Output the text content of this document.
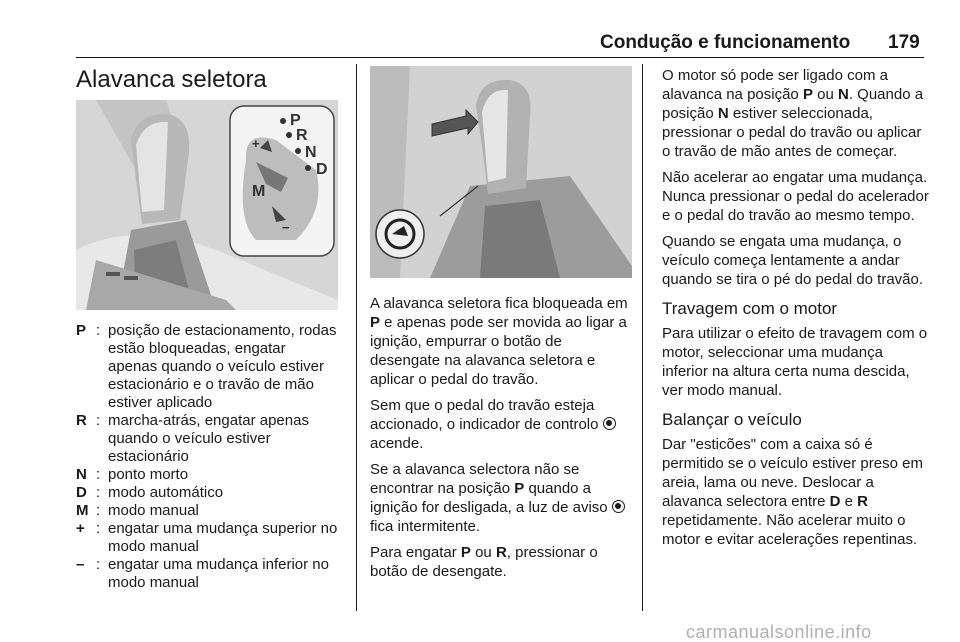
Condução e funcionamento 179
Alavanca seletora
P
R
N
D
M
+
−
P : posição de estacionamento, rodas estão bloqueadas, engatar apenas quando o veículo estiver estacionário e o travão de mão estiver aplicado
R : marcha-atrás, engatar apenas quando o veículo estiver estacionário
N : ponto morto
D : modo automático
M : modo manual
+ : engatar uma mudança superior no modo manual
– : engatar uma mudança inferior no modo manual

A alavanca seletora fica bloqueada em P e apenas pode ser movida ao ligar a ignição, empurrar o botão de desengate na alavanca seletora e aplicar o pedal do travão.

Sem que o pedal do travão esteja accionado, o indicador de controlo  acende.

Se a alavanca selectora não se encontrar na posição P quando a ignição for desligada, a luz de aviso  fica intermitente.

Para engatar P ou R, pressionar o botão de desengate.

O motor só pode ser ligado com a alavanca na posição P ou N. Quando a posição N estiver seleccionada, pressionar o pedal do travão ou aplicar o travão de mão antes de começar.

Não acelerar ao engatar uma mudança. Nunca pressionar o pedal do acelerador e o pedal do travão ao mesmo tempo.

Quando se engata uma mudança, o veículo começa lentamente a andar quando se tira o pé do pedal do travão.

Travagem com o motor

Para utilizar o efeito de travagem com o motor, seleccionar uma mudança inferior na altura certa numa descida, ver modo manual.

Balançar o veículo

Dar "esticões" com a caixa só é permitido se o veículo estiver preso em areia, lama ou neve. Deslocar a alavanca selectora entre D e R repetidamente. Não acelerar muito o motor e evitar acelerações repentinas.

carmanualsonline.info
